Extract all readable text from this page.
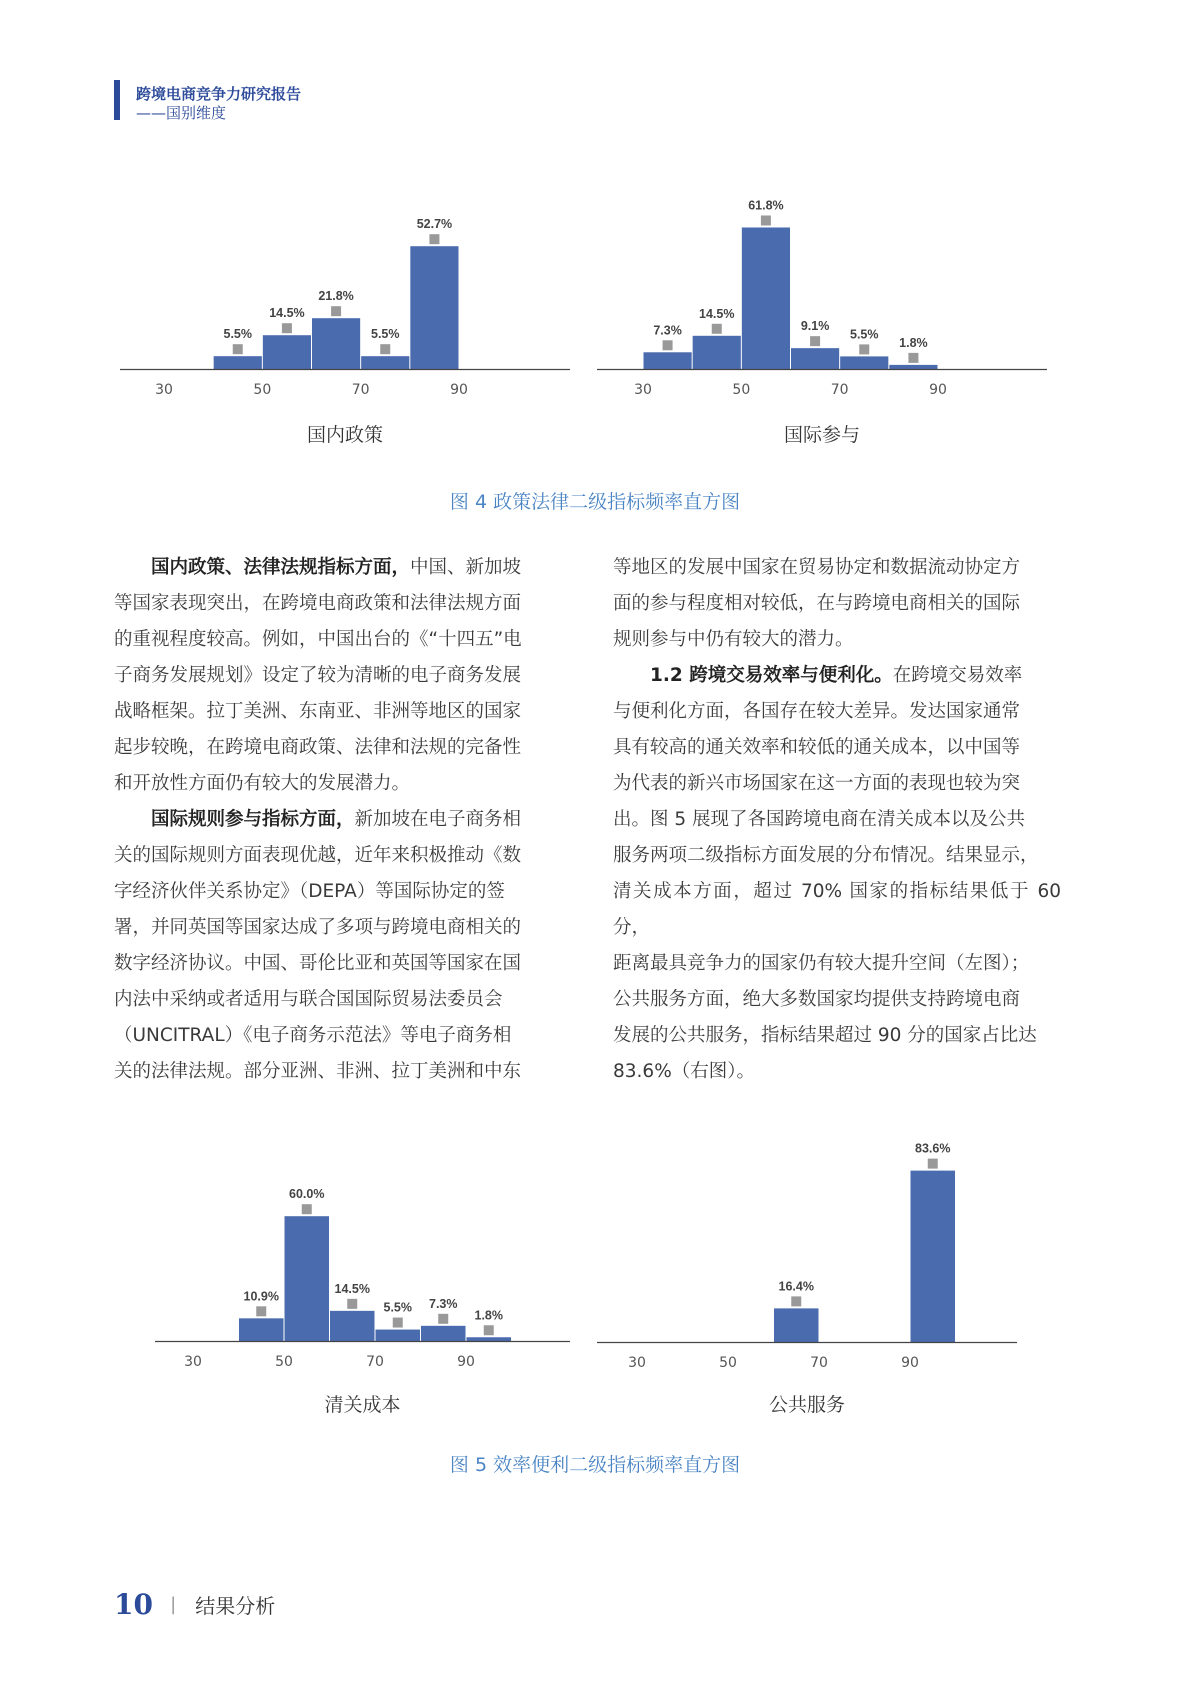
跨境电商竞争力研究报告
——国别维度
5.5%
14.5%
21.8%
5.5%
52.7%
30	50	70	90
国内政策
7.3%
14.5%
61.8%
9.1%
5.5%
1.8%
30	50	70	90
国际参与
图 4 政策法律二级指标频率直方图

国内政策、法律法规指标方面，中国、新加坡
等国家表现突出，在跨境电商政策和法律法规方面
的重视程度较高。例如，中国出台的《“十四五”电
子商务发展规划》设定了较为清晰的电子商务发展
战略框架。拉丁美洲、东南亚、非洲等地区的国家
起步较晚，在跨境电商政策、法律和法规的完备性
和开放性方面仍有较大的发展潜力。

国际规则参与指标方面，新加坡在电子商务相
关的国际规则方面表现优越，近年来积极推动《数
字经济伙伴关系协定》（DEPA）等国际协定的签
署，并同英国等国家达成了多项与跨境电商相关的
数字经济协议。中国、哥伦比亚和英国等国家在国
内法中采纳或者适用与联合国国际贸易法委员会
（UNCITRAL）《电子商务示范法》等电子商务相
关的法律法规。部分亚洲、非洲、拉丁美洲和中东

等地区的发展中国家在贸易协定和数据流动协定方
面的参与程度相对较低，在与跨境电商相关的国际
规则参与中仍有较大的潜力。

1.2 跨境交易效率与便利化。在跨境交易效率
与便利化方面，各国存在较大差异。发达国家通常
具有较高的通关效率和较低的通关成本，以中国等
为代表的新兴市场国家在这一方面的表现也较为突
出。图 5 展现了各国跨境电商在清关成本以及公共
服务两项二级指标方面发展的分布情况。结果显示，
清关成本方面，超过 70% 国家的指标结果低于 60 分，
距离最具竞争力的国家仍有较大提升空间（左图）；
公共服务方面，绝大多数国家均提供支持跨境电商
发展的公共服务，指标结果超过 90 分的国家占比达
83.6%（右图）。

10.9%
60.0%
14.5%
5.5% 7.3%
1.8%
30	50	70	90
清关成本
16.4%
83.6%
30	50	70	90
公共服务
图 5 效率便利二级指标频率直方图
10 | 结果分析
